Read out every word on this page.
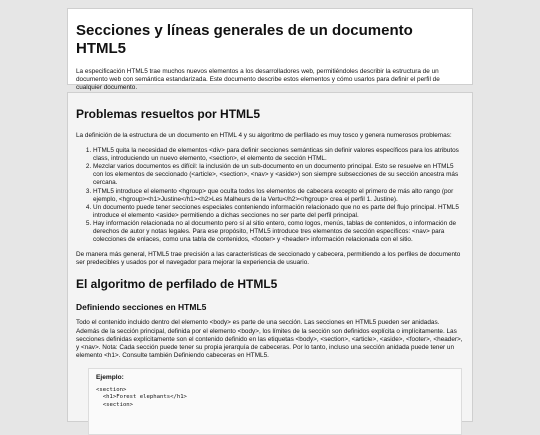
Secciones y líneas generales de un documento HTML5

La especificación HTML5 trae muchos nuevos elementos a los desarrolladores web, permitiéndoles describir la estructura de un documento web con semántica estandarizada. Este documento describe estos elementos y cómo usarlos para definir el perfil de cualquier documento.

Problemas resueltos por HTML5

La definición de la estructura de un documento en HTML 4 y su algoritmo de perfilado es muy tosco y genera numerosos problemas:

1. HTML5 quita la necesidad de elementos <div> para definir secciones semánticas sin definir valores específicos para los atributos class, introduciendo un nuevo elemento, <section>, el elemento de sección HTML.
2. Mezclar varios documentos es difícil: la inclusión de un sub-documento en un documento principal. Esto se resuelve en HTML5 con los elementos de seccionado (<article>, <section>, <nav> y <aside>) son siempre subsecciones de su sección ancestra más cercana.
3. HTML5 introduce el elemento <hgroup> que oculta todos los elementos de cabecera excepto el primero de más alto rango (por ejemplo, <hgroup><h1>Justine</h1><h2>Les Malheurs de la Vertu</h2></hgroup> crea el perfil 1. Justine).
4. Un documento puede tener secciones especiales conteniendo información relacionado que no es parte del flujo principal. HTML5 introduce el elemento <aside> permitiendo a dichas secciones no ser parte del perfil principal.
5. Hay información relacionada no al documento pero sí al sitio entero, como logos, menús, tablas de contenidos, o información de derechos de autor y notas legales. Para ese propósito, HTML5 introduce tres elementos de sección específicos: <nav> para colecciones de enlaces, como una tabla de contenidos, <footer> y <header> información relacionada con el sitio.

De manera más general, HTML5 trae precisión a las características de seccionado y cabecera, permitiendo a los perfiles de documento ser predecibles y usados por el navegador para mejorar la experiencia de usuario.

El algoritmo de perfilado de HTML5
Definiendo secciones en HTML5

Todo el contenido incluido dentro del elemento <body> es parte de una sección. Las secciones en HTML5 pueden ser anidadas. Además de la sección principal, definida por el elemento <body>, los límites de la sección son definidos explícita o implícitamente. Las secciones definidas explícitamente son el contenido definido en las etiquetas <body>, <section>, <article>, <aside>, <footer>, <header>, y <nav>. Nota: Cada sección puede tener su propia jerarquía de cabeceras. Por lo tanto, incluso una sección anidada puede tener un elemento <h1>. Consulte también Definiendo cabeceras en HTML5.

Ejemplo:
<section>
<h1>Forest elephants</h1>
<section>
